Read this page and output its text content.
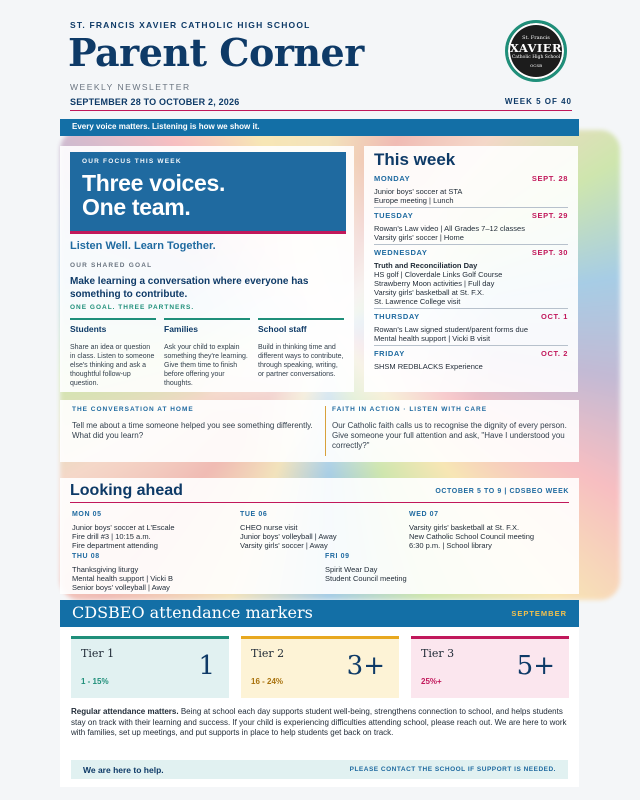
ST. FRANCIS XAVIER CATHOLIC HIGH SCHOOL
Parent Corner
WEEKLY NEWSLETTER
SEPTEMBER 28 TO OCTOBER 2, 2026	WEEK 5 OF 40
St. Francis
XAVIER
Catholic High School
OCSB
Every voice matters. Listening is how we show it.
OUR FOCUS THIS WEEK
Three voices.
One team.
Listen Well. Learn Together.
OUR SHARED GOAL
Make learning a conversation where everyone has something to contribute.
ONE GOAL. THREE PARTNERS.
Students

Share an idea or question in class. Listen to someone else's thinking and ask a thoughtful follow-up question.

Families

Ask your child to explain something they're learning. Give them time to finish before offering your thoughts.

School staff

Build in thinking time and different ways to contribute, through speaking, writing, or partner conversations.

This week
MONDAY	SEPT. 28
Junior boys' soccer at STA
Europe meeting | Lunch
TUESDAY	SEPT. 29
Rowan's Law video | All Grades 7–12 classes
Varsity girls' soccer | Home
WEDNESDAY	SEPT. 30
Truth and Reconciliation Day
HS golf | Cloverdale Links Golf Course
Strawberry Moon activities | Full day
Varsity girls' basketball at St. F.X.
St. Lawrence College visit
THURSDAY	OCT. 1
Rowan's Law signed student/parent forms due
Mental health support | Vicki B visit
FRIDAY	OCT. 2
SHSM REDBLACKS Experience
THE CONVERSATION AT HOME

Tell me about a time someone helped you see something differently. What did you learn?

FAITH IN ACTION · LISTEN WITH CARE

Our Catholic faith calls us to recognise the dignity of every person. Give someone your full attention and ask, "Have I understood you correctly?"

Looking ahead	OCTOBER 5 TO 9 | CDSBEO WEEK
MON 05

Junior boys' soccer at L'Escale

Fire drill #3 | 10:15 a.m.

Fire department attending

TUE 06

CHEO nurse visit

Junior boys' volleyball | Away

Varsity girls' soccer | Away

WED 07

Varsity girls' basketball at St. F.X.

New Catholic School Council meeting

6:30 p.m. | School library

THU 08

Thanksgiving liturgy

Mental health support | Vicki B

Senior boys' volleyball | Away

FRI 09

Spirit Wear Day

Student Council meeting

CDSBEO attendance markers	SEPTEMBER
Tier 1
1 - 15%
1	Tier 2
16 - 24%
3+	Tier 3
25%+
5+
Regular attendance matters. Being at school each day supports student well-being, strengthens connection to school, and helps students stay on track with their learning and success. If your child is experiencing difficulties attending school, please reach out. We are here to work with families, set up meetings, and put supports in place to help students get back on track.
We are here to help.	PLEASE CONTACT THE SCHOOL IF SUPPORT IS NEEDED.
